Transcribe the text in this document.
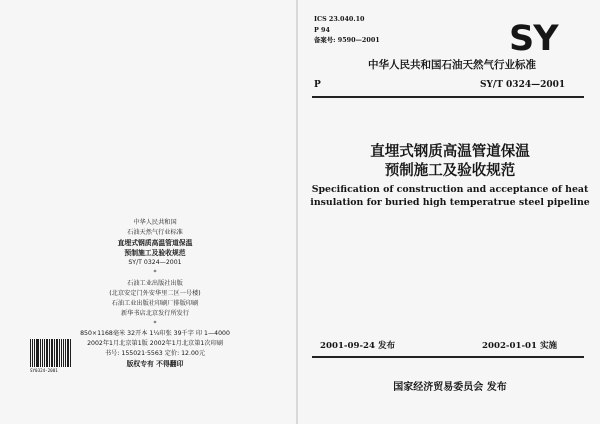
中华人民共和国
石油天然气行业标准
直埋式钢质高温管道保温
预制施工及验收规范
SY/T 0324—2001
*
石油工业出版社出版
(北京安定门外安华里二区一号楼)
石油工业出版社印刷厂排版印刷
新华书店北京发行所发行
*
850×1168毫米 32开本 1¼印张 39千字 印 1—4000
2002年1月北京第1版 2002年1月北京第1次印刷
书号: 155021·5563 定价: 12.00元
版权专有 不得翻印
SY0324-2001
ICS 23.040.10
P 94
备案号: 9590—2001	SY
中华人民共和国石油天然气行业标准
P	SY/T 0324—2001
直埋式钢质高温管道保温
预制施工及验收规范
Specification of construction and acceptance of heat
insulation for buried high temperatrue steel pipeline
2001-09-24 发布	2002-01-01 实施
国家经济贸易委员会 发布
